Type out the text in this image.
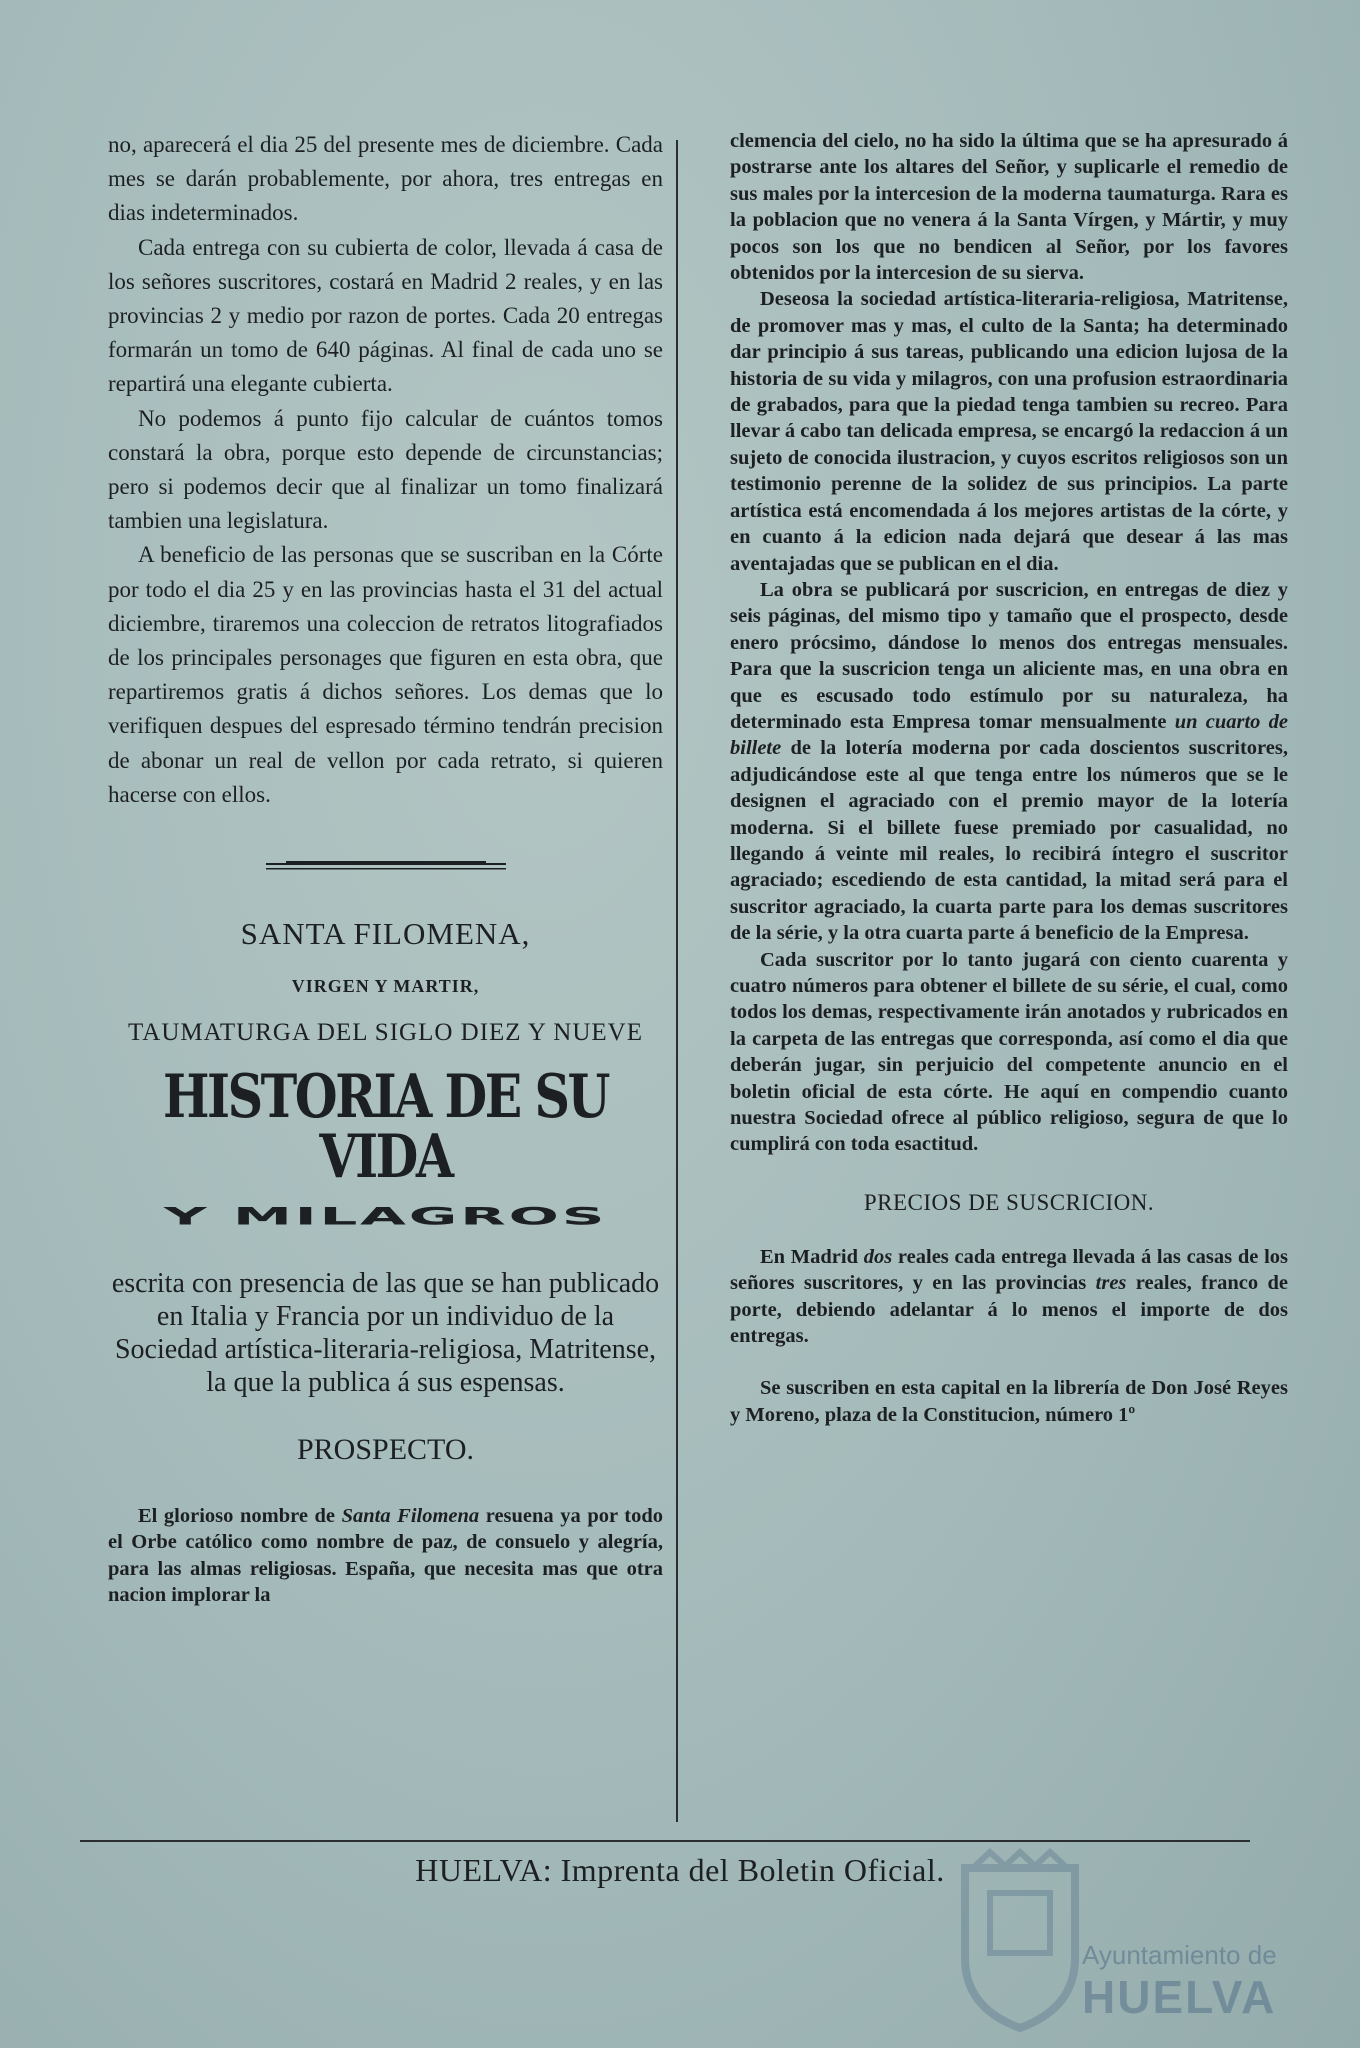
no, aparecerá el dia 25 del presente mes de diciembre. Cada mes se darán probablemente, por ahora, tres entregas en dias indeterminados.

Cada entrega con su cubierta de color, llevada á casa de los señores suscritores, costará en Madrid 2 reales, y en las provincias 2 y medio por razon de portes. Cada 20 entregas formarán un tomo de 640 páginas. Al final de cada uno se repartirá una elegante cubierta.

No podemos á punto fijo calcular de cuántos tomos constará la obra, porque esto depende de circunstancias; pero si podemos decir que al finalizar un tomo finalizará tambien una legislatura.

A beneficio de las personas que se suscriban en la Córte por todo el dia 25 y en las provincias hasta el 31 del actual diciembre, tiraremos una coleccion de retratos litografiados de los principales personages que figuren en esta obra, que repartiremos gratis á dichos señores. Los demas que lo verifiquen despues del espresado término tendrán precision de abonar un real de vellon por cada retrato, si quieren hacerse con ellos.

SANTA FILOMENA,
VIRGEN Y MARTIR,
TAUMATURGA DEL SIGLO DIEZ Y NUEVE
HISTORIA DE SU VIDA
Y MILAGROS
escrita con presencia de las que se han publicado en Italia y Francia por un individuo de la Sociedad artística-literaria-religiosa, Matritense, la que la publica á sus espensas.
PROSPECTO.

El glorioso nombre de Santa Filomena resuena ya por todo el Orbe católico como nombre de paz, de consuelo y alegría, para las almas religiosas. España, que necesita mas que otra nacion implorar la

clemencia del cielo, no ha sido la última que se ha apresurado á postrarse ante los altares del Señor, y suplicarle el remedio de sus males por la intercesion de la moderna taumaturga. Rara es la poblacion que no venera á la Santa Vírgen, y Mártir, y muy pocos son los que no bendicen al Señor, por los favores obtenidos por la intercesion de su sierva.

Deseosa la sociedad artística-literaria-religiosa, Matritense, de promover mas y mas, el culto de la Santa; ha determinado dar principio á sus tareas, publicando una edicion lujosa de la historia de su vida y milagros, con una profusion estraordinaria de grabados, para que la piedad tenga tambien su recreo. Para llevar á cabo tan delicada empresa, se encargó la redaccion á un sujeto de conocida ilustracion, y cuyos escritos religiosos son un testimonio perenne de la solidez de sus principios. La parte artística está encomendada á los mejores artistas de la córte, y en cuanto á la edicion nada dejará que desear á las mas aventajadas que se publican en el dia.

La obra se publicará por suscricion, en entregas de diez y seis páginas, del mismo tipo y tamaño que el prospecto, desde enero prócsimo, dándose lo menos dos entregas mensuales. Para que la suscricion tenga un aliciente mas, en una obra en que es escusado todo estímulo por su naturaleza, ha determinado esta Empresa tomar mensualmente un cuarto de billete de la lotería moderna por cada doscientos suscritores, adjudicándose este al que tenga entre los números que se le designen el agraciado con el premio mayor de la lotería moderna. Si el billete fuese premiado por casualidad, no llegando á veinte mil reales, lo recibirá íntegro el suscritor agraciado; escediendo de esta cantidad, la mitad será para el suscritor agraciado, la cuarta parte para los demas suscritores de la série, y la otra cuarta parte á beneficio de la Empresa.

Cada suscritor por lo tanto jugará con ciento cuarenta y cuatro números para obtener el billete de su série, el cual, como todos los demas, respectivamente irán anotados y rubricados en la carpeta de las entregas que corresponda, así como el dia que deberán jugar, sin perjuicio del competente anuncio en el boletin oficial de esta córte. He aquí en compendio cuanto nuestra Sociedad ofrece al público religioso, segura de que lo cumplirá con toda esactitud.

PRECIOS DE SUSCRICION.

En Madrid dos reales cada entrega llevada á las casas de los señores suscritores, y en las provincias tres reales, franco de porte, debiendo adelantar á lo menos el importe de dos entregas.

Se suscriben en esta capital en la librería de Don José Reyes y Moreno, plaza de la Constitucion, número 1º

HUELVA: Imprenta del Boletin Oficial.
Ayuntamiento de
HUELVA
